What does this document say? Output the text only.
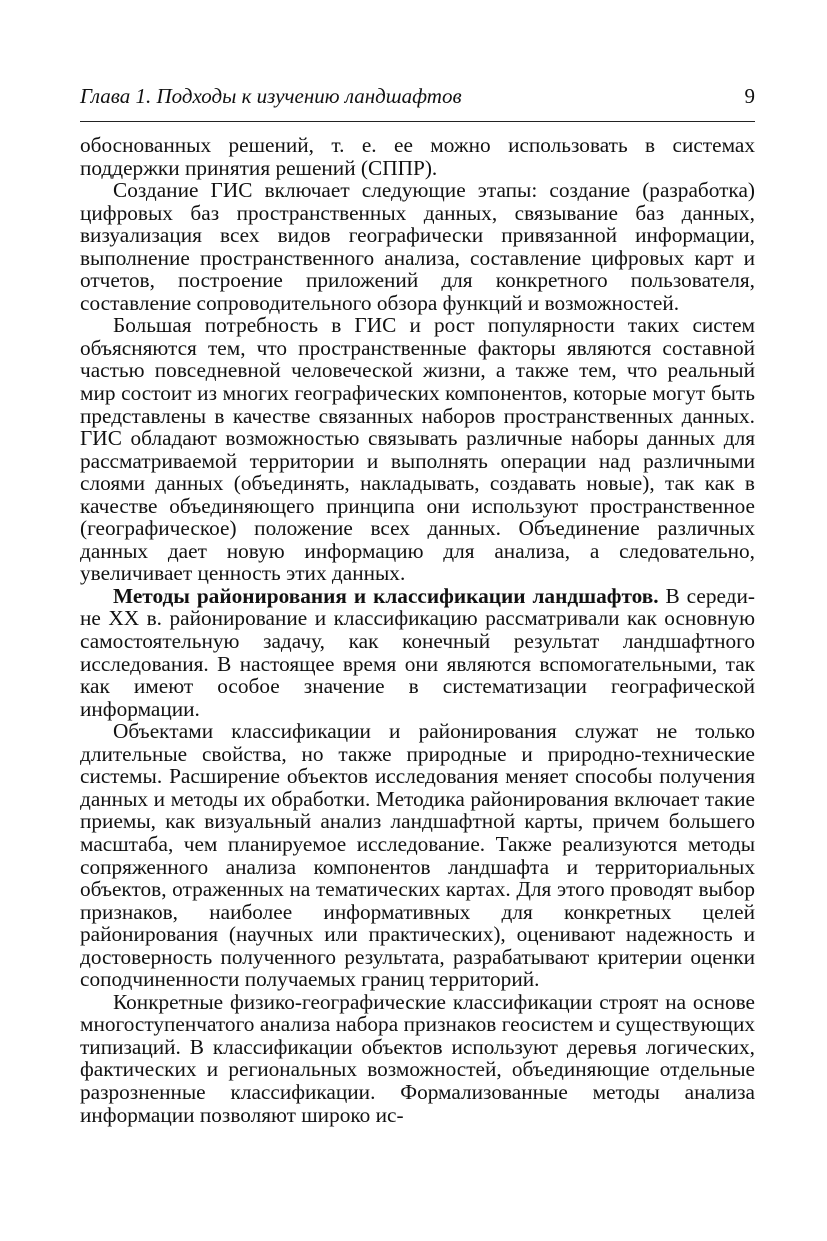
Глава 1. Подходы к изучению ландшафтов	9

обоснованных решений, т. е. ее можно использовать в системах поддержки принятия решений (СППР).

Создание ГИС включает следующие этапы: создание (разработка) цифровых баз пространственных данных, связывание баз данных, визуализация всех видов географически привязанной информации, выполнение пространственного анализа, составление цифровых карт и отчетов, построение приложений для конкретного пользователя, составление сопроводительного обзора функций и возможностей.

Большая потребность в ГИС и рост популярности таких систем объясняются тем, что пространственные факторы являются составной частью повседневной человеческой жизни, а также тем, что реальный мир состоит из многих географических компонентов, которые могут быть представлены в качестве связанных наборов пространственных данных. ГИС обладают возможностью связывать различные наборы данных для рассматриваемой территории и выполнять операции над различными слоями данных (объединять, накладывать, создавать новые), так как в качестве объединяющего принципа они используют пространственное (географическое) положение всех данных. Объединение различных данных дает новую информацию для анализа, а следовательно, увеличивает ценность этих данных.

Методы районирования и классификации ландшафтов. В середине XX в. районирование и классификацию рассматривали как основную самостоятельную задачу, как конечный результат ландшафтного исследования. В настоящее время они являются вспомогательными, так как имеют особое значение в систематизации географической информации.

Объектами классификации и районирования служат не только длительные свойства, но также природные и природно-технические системы. Расширение объектов исследования меняет способы получения данных и методы их обработки. Методика районирования включает такие приемы, как визуальный анализ ландшафтной карты, причем большего масштаба, чем планируемое исследование. Также реализуются методы сопряженного анализа компонентов ландшафта и территориальных объектов, отраженных на тематических картах. Для этого проводят выбор признаков, наиболее информативных для конкретных целей районирования (научных или практических), оценивают надежность и достоверность полученного результата, разрабатывают критерии оценки соподчиненности получаемых границ территорий.

Конкретные физико-географические классификации строят на основе многоступенчатого анализа набора признаков геосистем и существующих типизаций. В классификации объектов используют деревья логических, фактических и региональных возможностей, объединяющие отдельные разрозненные классификации. Формализованные методы анализа информации позволяют широко ис-
